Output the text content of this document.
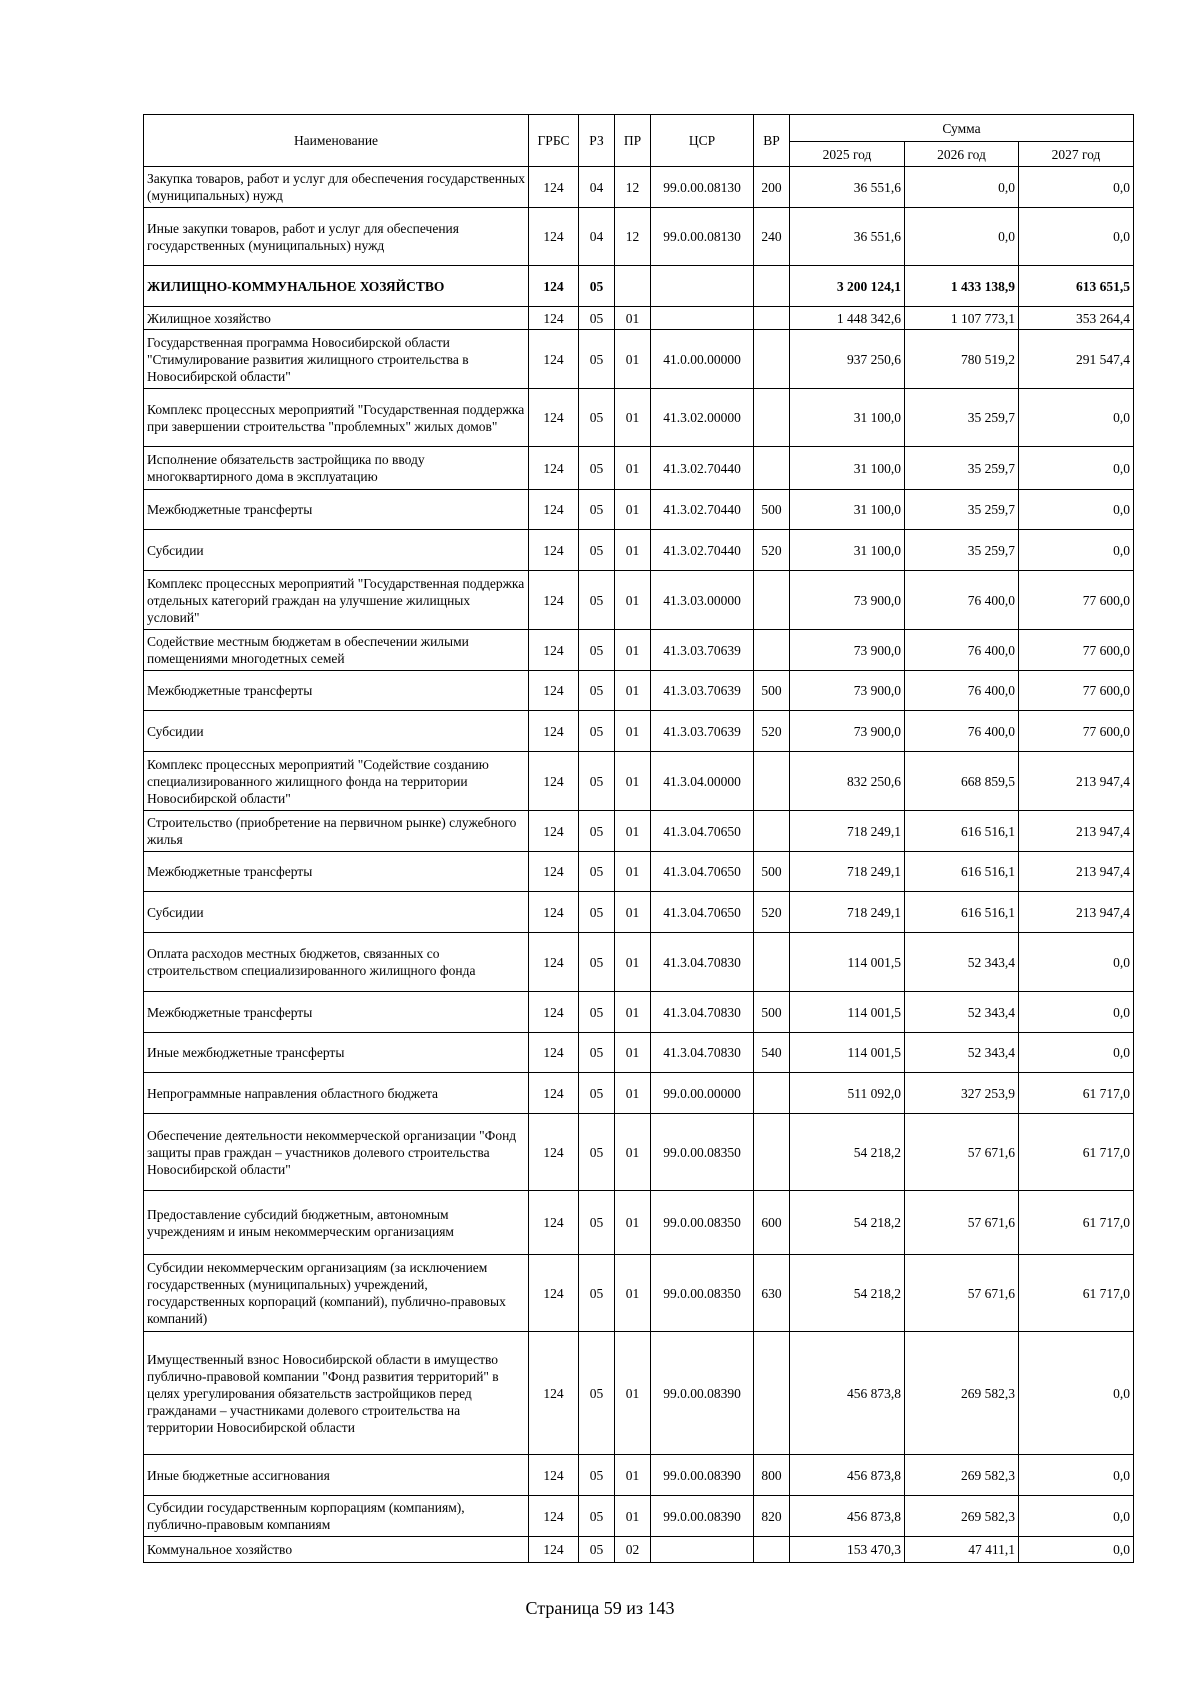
Наименование	ГРБС	РЗ	ПР	ЦСР	ВР	Сумма		
						2025 год	2026 год	2027 год
Закупка товаров, работ и услуг для обеспечения государственных (муниципальных) нужд	124	04	12	99.0.00.08130	200	36 551,6	0,0	0,0
Иные закупки товаров, работ и услуг для обеспечения государственных (муниципальных) нужд	124	04	12	99.0.00.08130	240	36 551,6	0,0	0,0
ЖИЛИЩНО-КОММУНАЛЬНОЕ ХОЗЯЙСТВО	124	05				3 200 124,1	1 433 138,9	613 651,5
Жилищное хозяйство	124	05	01			1 448 342,6	1 107 773,1	353 264,4
Государственная программа Новосибирской области "Стимулирование развития жилищного строительства в Новосибирской области"	124	05	01	41.0.00.00000		937 250,6	780 519,2	291 547,4
Комплекс процессных мероприятий "Государственная поддержка при завершении строительства "проблемных" жилых домов"	124	05	01	41.3.02.00000		31 100,0	35 259,7	0,0
Исполнение обязательств застройщика по вводу многоквартирного дома в эксплуатацию	124	05	01	41.3.02.70440		31 100,0	35 259,7	0,0
Межбюджетные трансферты	124	05	01	41.3.02.70440	500	31 100,0	35 259,7	0,0
Субсидии	124	05	01	41.3.02.70440	520	31 100,0	35 259,7	0,0
Комплекс процессных мероприятий "Государственная поддержка отдельных категорий граждан на улучшение жилищных условий"	124	05	01	41.3.03.00000		73 900,0	76 400,0	77 600,0
Содействие местным бюджетам в обеспечении жилыми помещениями многодетных семей	124	05	01	41.3.03.70639		73 900,0	76 400,0	77 600,0
Межбюджетные трансферты	124	05	01	41.3.03.70639	500	73 900,0	76 400,0	77 600,0
Субсидии	124	05	01	41.3.03.70639	520	73 900,0	76 400,0	77 600,0
Комплекс процессных мероприятий "Содействие созданию специализированного жилищного фонда на территории Новосибирской области"	124	05	01	41.3.04.00000		832 250,6	668 859,5	213 947,4
Строительство (приобретение на первичном рынке) служебного жилья	124	05	01	41.3.04.70650		718 249,1	616 516,1	213 947,4
Межбюджетные трансферты	124	05	01	41.3.04.70650	500	718 249,1	616 516,1	213 947,4
Субсидии	124	05	01	41.3.04.70650	520	718 249,1	616 516,1	213 947,4
Оплата расходов местных бюджетов, связанных со строительством специализированного жилищного фонда	124	05	01	41.3.04.70830		114 001,5	52 343,4	0,0
Межбюджетные трансферты	124	05	01	41.3.04.70830	500	114 001,5	52 343,4	0,0
Иные межбюджетные трансферты	124	05	01	41.3.04.70830	540	114 001,5	52 343,4	0,0
Непрограммные направления областного бюджета	124	05	01	99.0.00.00000		511 092,0	327 253,9	61 717,0
Обеспечение деятельности некоммерческой организации "Фонд защиты прав граждан – участников долевого строительства Новосибирской области"	124	05	01	99.0.00.08350		54 218,2	57 671,6	61 717,0
Предоставление субсидий бюджетным, автономным учреждениям и иным некоммерческим организациям	124	05	01	99.0.00.08350	600	54 218,2	57 671,6	61 717,0
Субсидии некоммерческим организациям (за исключением государственных (муниципальных) учреждений, государственных корпораций (компаний), публично-правовых компаний)	124	05	01	99.0.00.08350	630	54 218,2	57 671,6	61 717,0
Имущественный взнос Новосибирской области в имущество публично-правовой компании "Фонд развития территорий" в целях урегулирования обязательств застройщиков перед гражданами – участниками долевого строительства на территории Новосибирской области	124	05	01	99.0.00.08390		456 873,8	269 582,3	0,0
Иные бюджетные ассигнования	124	05	01	99.0.00.08390	800	456 873,8	269 582,3	0,0
Субсидии государственным корпорациям (компаниям), публично-правовым компаниям	124	05	01	99.0.00.08390	820	456 873,8	269 582,3	0,0
Коммунальное хозяйство	124	05	02			153 470,3	47 411,1	0,0
Страница 59 из 143
